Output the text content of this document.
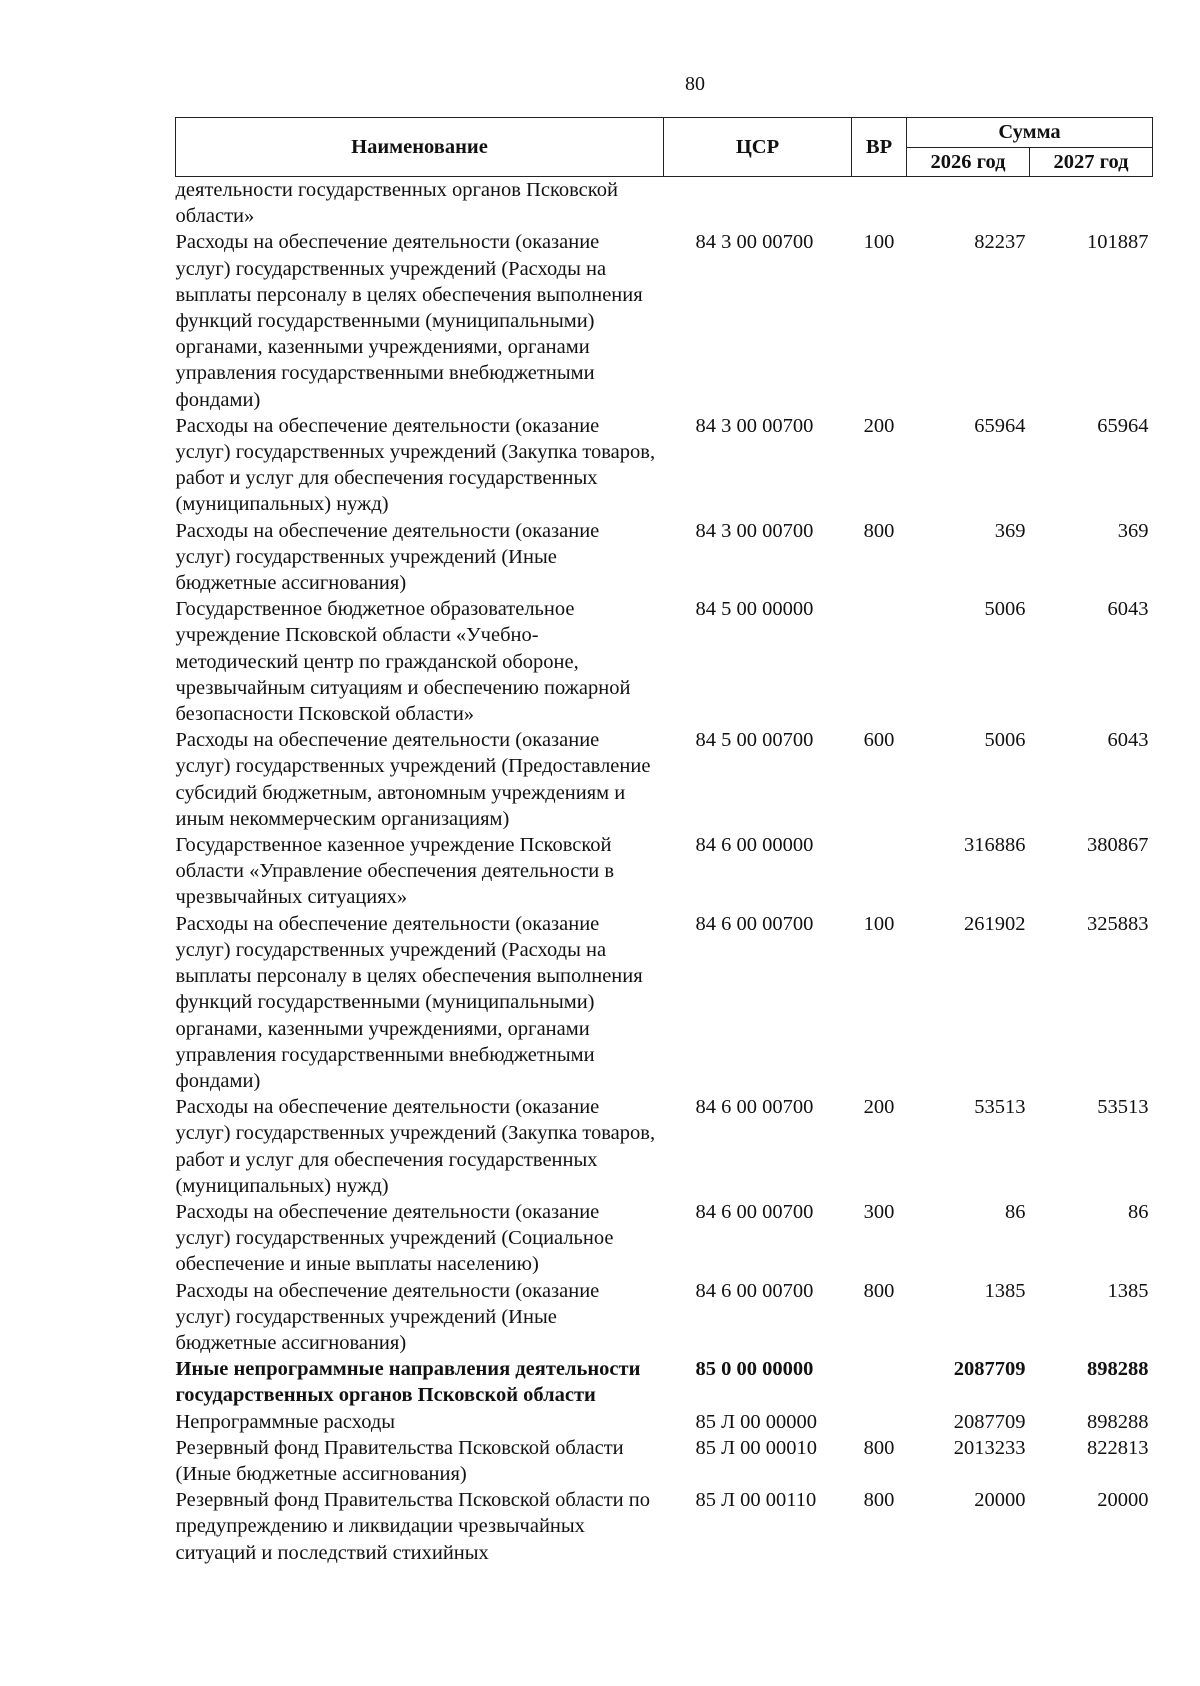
80
Наименование	ЦСР	ВР	Сумма	
			2026 год	2027 год
деятельности государственных органов Псковской области»				
Расходы на обеспечение деятельности (оказание услуг) государственных учреждений (Расходы на выплаты персоналу в целях обеспечения выполнения функций государственными (муниципальными) органами, казенными учреждениями, органами управления государственными внебюджетными фондами)	84 3 00 00700	100	82237	101887
Расходы на обеспечение деятельности (оказание услуг) государственных учреждений (Закупка товаров, работ и услуг для обеспечения государственных (муниципальных) нужд)	84 3 00 00700	200	65964	65964
Расходы на обеспечение деятельности (оказание услуг) государственных учреждений (Иные бюджетные ассигнования)	84 3 00 00700	800	369	369
Государственное бюджетное образовательное учреждение Псковской области «Учебно-методический центр по гражданской обороне, чрезвычайным ситуациям и обеспечению пожарной безопасности Псковской области»	84 5 00 00000		5006	6043
Расходы на обеспечение деятельности (оказание услуг) государственных учреждений (Предоставление субсидий бюджетным, автономным учреждениям и иным некоммерческим организациям)	84 5 00 00700	600	5006	6043
Государственное казенное учреждение Псковской области «Управление обеспечения деятельности в чрезвычайных ситуациях»	84 6 00 00000		316886	380867
Расходы на обеспечение деятельности (оказание услуг) государственных учреждений (Расходы на выплаты персоналу в целях обеспечения выполнения функций государственными (муниципальными) органами, казенными учреждениями, органами управления государственными внебюджетными фондами)	84 6 00 00700	100	261902	325883
Расходы на обеспечение деятельности (оказание услуг) государственных учреждений (Закупка товаров, работ и услуг для обеспечения государственных (муниципальных) нужд)	84 6 00 00700	200	53513	53513
Расходы на обеспечение деятельности (оказание услуг) государственных учреждений (Социальное обеспечение и иные выплаты населению)	84 6 00 00700	300	86	86
Расходы на обеспечение деятельности (оказание услуг) государственных учреждений (Иные бюджетные ассигнования)	84 6 00 00700	800	1385	1385
Иные непрограммные направления деятельности государственных органов Псковской области	85 0 00 00000		2087709	898288
Непрограммные расходы	85 Л 00 00000		2087709	898288
Резервный фонд Правительства Псковской области (Иные бюджетные ассигнования)	85 Л 00 00010	800	2013233	822813
Резервный фонд Правительства Псковской области по предупреждению и ликвидации чрезвычайных ситуаций и последствий стихийных	85 Л 00 00110	800	20000	20000
